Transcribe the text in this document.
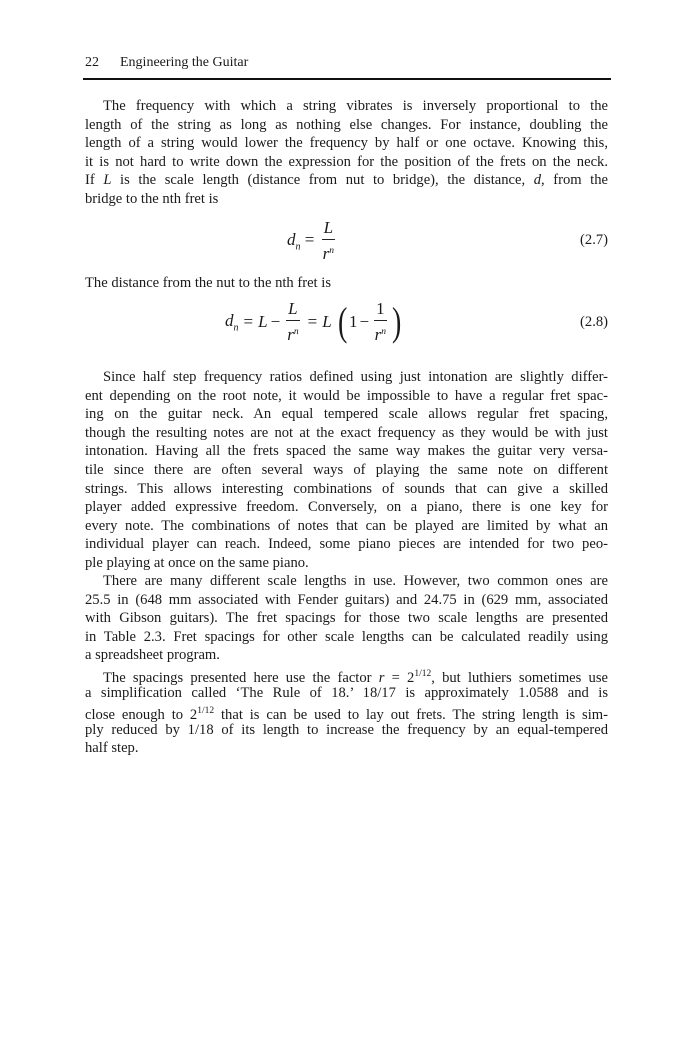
22 Engineering the Guitar
The frequency with which a string vibrates is inversely proportional to the
length of the string as long as nothing else changes. For instance, doubling the
length of a string would lower the frequency by half or one octave. Knowing this,
it is not hard to write down the expression for the position of the frets on the neck.
If L is the scale length (distance from nut to bridge), the distance, d, from the
bridge to the nth fret is
$d_n = \frac{L}{r^n}$	(2.7)
The distance from the nut to the nth fret is
$d_n = L - \frac{L}{r^n} = L$ ( $1 - \frac{1}{r^n}$ )	(2.8)
Since half step frequency ratios defined using just intonation are slightly differ-
ent depending on the root note, it would be impossible to have a regular fret spac-
ing on the guitar neck. An equal tempered scale allows regular fret spacing,
though the resulting notes are not at the exact frequency as they would be with just
intonation. Having all the frets spaced the same way makes the guitar very versa-
tile since there are often several ways of playing the same note on different
strings. This allows interesting combinations of sounds that can give a skilled
player added expressive freedom. Conversely, on a piano, there is one key for
every note. The combinations of notes that can be played are limited by what an
individual player can reach. Indeed, some piano pieces are intended for two peo-
ple playing at once on the same piano.
There are many different scale lengths in use. However, two common ones are
25.5 in (648 mm associated with Fender guitars) and 24.75 in (629 mm, associated
with Gibson guitars). The fret spacings for those two scale lengths are presented
in Table 2.3. Fret spacings for other scale lengths can be calculated readily using
a spreadsheet program.
The spacings presented here use the factor $r = 2^{1/12}$, but luthiers sometimes use
a simplification called ‘The Rule of 18.’ 18/17 is approximately 1.0588 and is
close enough to $2^{1/12}$ that is can be used to lay out frets. The string length is sim-
ply reduced by 1/18 of its length to increase the frequency by an equal-tempered
half step.
